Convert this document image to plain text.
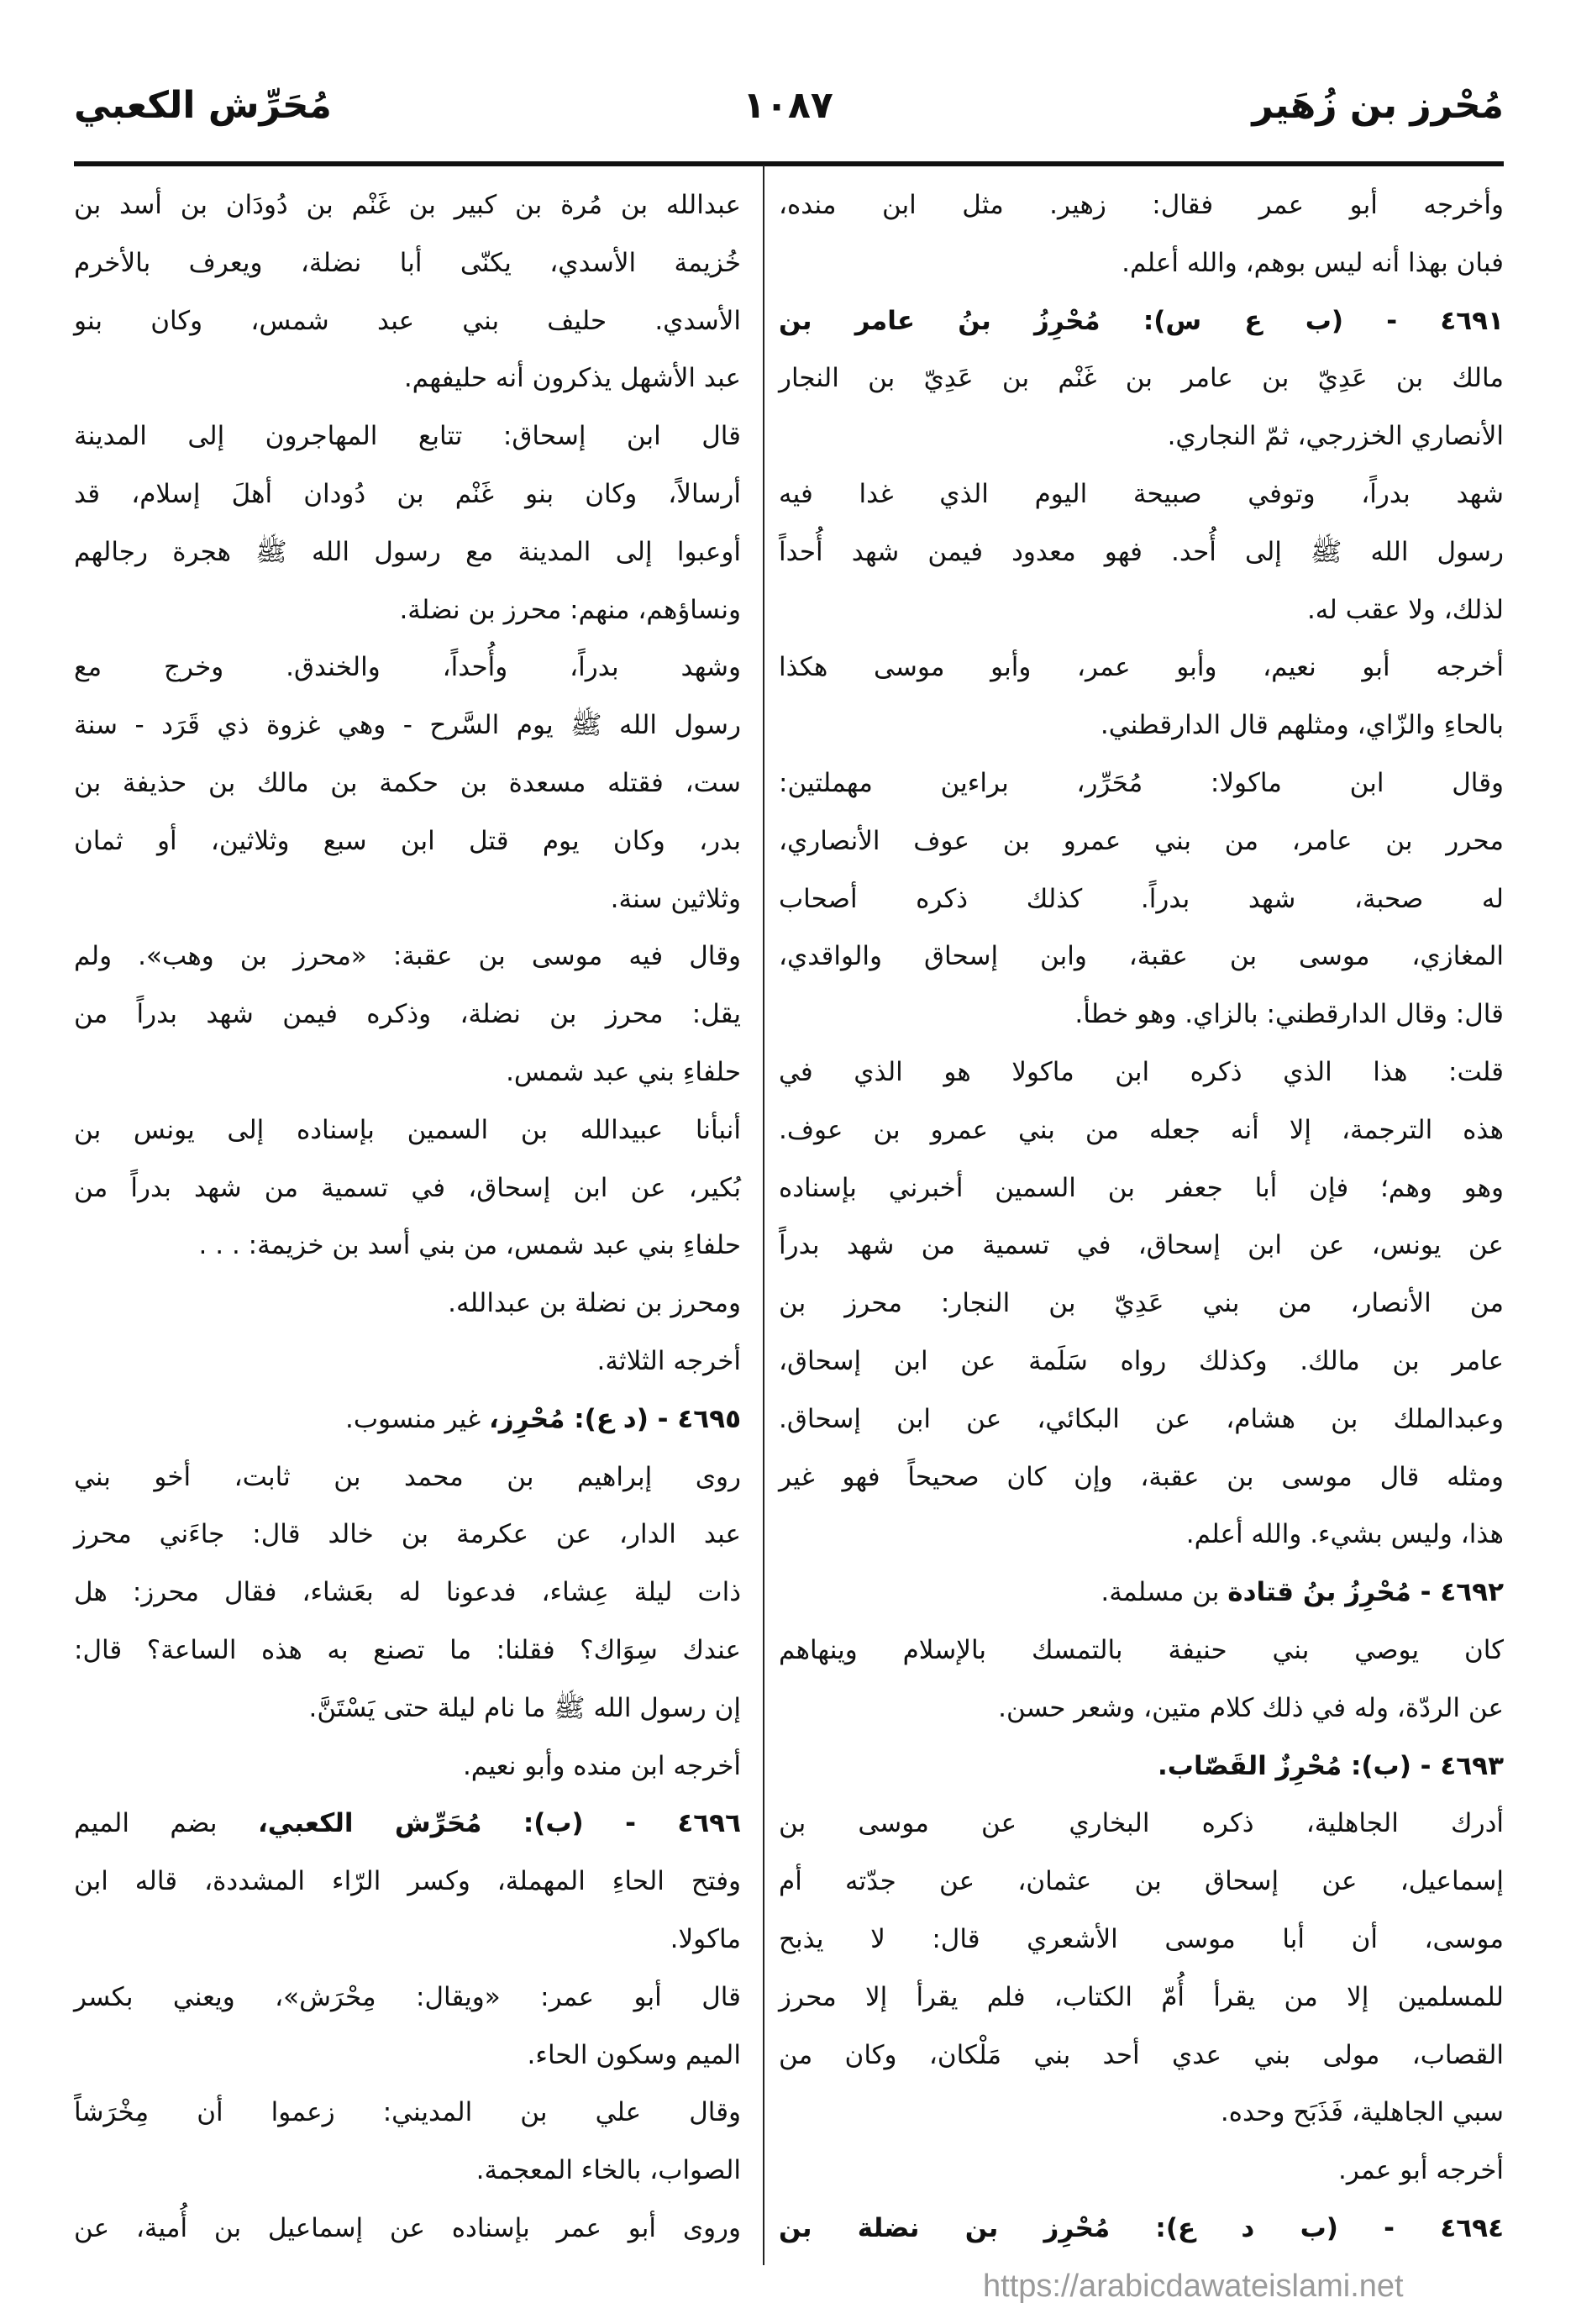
مُحْرز بن زُهَير
١٠٨٧
مُحَرِّش الكعبي
وأخرجه أبو عمر فقال: زهير. مثل ابن منده،
فبان بهذا أنه ليس بوهم، والله أعلم.
٤٦٩١ - (ب ع س): مُحْرِزُ بنُ عامر بن
مالك بن عَدِيّ بن عامر بن غَنْم بن عَدِيّ بن النجار
الأنصاري الخزرجي، ثمّ النجاري.
شهد بدراً، وتوفي صبيحة اليوم الذي غدا فيه
رسول الله ﷺ إلى أُحد. فهو معدود فيمن شهد أُحداً
لذلك، ولا عقب له.
أخرجه أبو نعيم، وأبو عمر، وأبو موسى هكذا
بالحاءِ والزّاي، ومثلهم قال الدارقطني.
وقال ابن ماكولا: مُحَرِّر، براءين مهملتين:
محرر بن عامر، من بني عمرو بن عوف الأنصاري،
له صحبة، شهد بدراً. كذلك ذكره أصحاب
المغازي، موسى بن عقبة، وابن إسحاق والواقدي،
قال: وقال الدارقطني: بالزاي. وهو خطأ.
قلت: هذا الذي ذكره ابن ماكولا هو الذي في
هذه الترجمة، إلا أنه جعله من بني عمرو بن عوف.
وهو وهم؛ فإن أبا جعفر بن السمين أخبرني بإسناده
عن يونس، عن ابن إسحاق، في تسمية من شهد بدراً
من الأنصار، من بني عَدِيّ بن النجار: محرز بن
عامر بن مالك. وكذلك رواه سَلَمة عن ابن إسحاق،
وعبدالملك بن هشام، عن البكائي، عن ابن إسحاق.
ومثله قال موسى بن عقبة، وإن كان صحيحاً فهو غير
هذا، وليس بشيء. والله أعلم.
٤٦٩٢ - مُحْرِزُ بنُ قتادة بن مسلمة.
كان يوصي بني حنيفة بالتمسك بالإسلام وينهاهم
عن الردّة، وله في ذلك كلام متين، وشعر حسن.
٤٦٩٣ - (ب): مُحْرِزٌ القَصّاب.
أدرك الجاهلية، ذكره البخاري عن موسى بن
إسماعيل، عن إسحاق بن عثمان، عن جدّته أم
موسى، أن أبا موسى الأشعري قال: لا يذبح
للمسلمين إلا من يقرأ أُمّ الكتاب، فلم يقرأ إلا محرز
القصاب، مولى بني عدي أحد بني مَلْكان، وكان من
سبي الجاهلية، فَذَبَح وحده.
أخرجه أبو عمر.
٤٦٩٤ - (ب د ع): مُحْرِز بن نضلة بن
عبدالله بن مُرة بن كبير بن غَنْم بن دُودَان بن أسد بن
خُزيمة الأسدي، يكنّى أبا نضلة، ويعرف بالأخرم
الأسدي. حليف بني عبد شمس، وكان بنو
عبد الأشهل يذكرون أنه حليفهم.
قال ابن إسحاق: تتابع المهاجرون إلى المدينة
أرسالاً، وكان بنو غَنْم بن دُودان أهلَ إسلام، قد
أوعبوا إلى المدينة مع رسول الله ﷺ هجرة رجالهم
ونساؤهم، منهم: محرز بن نضلة.
وشهد بدراً، وأُحداً، والخندق. وخرج مع
رسول الله ﷺ يوم السَّرح - وهي غزوة ذي قَرَد - سنة
ست، فقتله مسعدة بن حكمة بن مالك بن حذيفة بن
بدر، وكان يوم قتل ابن سبع وثلاثين، أو ثمان
وثلاثين سنة.
وقال فيه موسى بن عقبة: «محرز بن وهب». ولم
يقل: محرز بن نضلة، وذكره فيمن شهد بدراً من
حلفاءِ بني عبد شمس.
أنبأنا عبيدالله بن السمين بإسناده إلى يونس بن
بُكير، عن ابن إسحاق، في تسمية من شهد بدراً من
حلفاءِ بني عبد شمس، من بني أسد بن خزيمة: . . .
ومحرز بن نضلة بن عبدالله.
أخرجه الثلاثة.
٤٦٩٥ - (د ع): مُحْرِز، غير منسوب.
روى إبراهيم بن محمد بن ثابت، أخو بني
عبد الدار، عن عكرمة بن خالد قال: جاءَني محرز
ذات ليلة عِشاء، فدعونا له بعَشاء، فقال محرز: هل
عندك سِوَاك؟ فقلنا: ما تصنع به هذه الساعة؟ قال:
إن رسول الله ﷺ ما نام ليلة حتى يَسْتَنَّ.
أخرجه ابن منده وأبو نعيم.
٤٦٩٦ - (ب): مُحَرِّش الكعبي، بضم الميم
وفتح الحاءِ المهملة، وكسر الرّاء المشددة، قاله ابن
ماكولا.
قال أبو عمر: «ويقال: مِحْرَش»، ويعني بكسر
الميم وسكون الحاء.
وقال علي بن المديني: زعموا أن مِخْرَشاً
الصواب، بالخاء المعجمة.
وروى أبو عمر بإسناده عن إسماعيل بن أُمية، عن
https://arabicdawateislami.net
